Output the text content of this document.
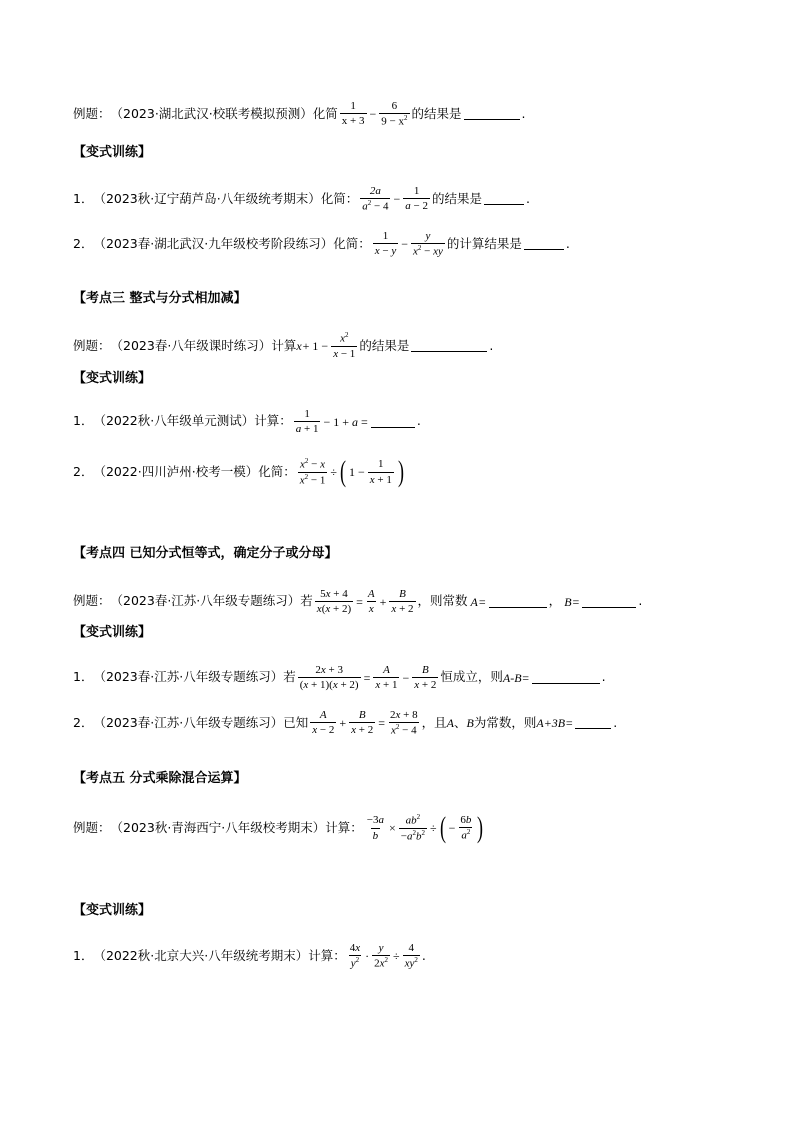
例题： （2023·湖北武汉·校联考模拟预测） 化简 $\frac{1}{x + 3} - \frac{6}{9 - x^2}$ 的结果是	.
【变式训练】
1． （2023秋·辽宁葫芦岛·八年级统考期末） 化简： $\frac{2a}{a^2 - 4} - \frac{1}{a - 2}$ 的结果是	.
2． （2023春·湖北武汉·九年级校考阶段练习） 化简： $\frac{1}{x - y} - \frac{y}{x^2 - xy}$ 的计算结果是	.
【考点三 整式与分式相加减】
例题： （2023春·八年级课时练习） 计算 $x + 1 - \frac{x^2}{x - 1}$ 的结果是	.
【变式训练】
1． （2022秋·八年级单元测试） 计算： $\frac{1}{a + 1} - 1 + a$ =	.
2． （2022·四川泸州·校考一模） 化简： $\frac{x^2 - x}{x^2 - 1}$ ÷ ( $1 - \frac{1}{x + 1}$ )
【考点四 已知分式恒等式，确定分子或分母】
例题： （2023春·江苏·八年级专题练习） 若 $\frac{5x + 4}{x(x + 2)} = \frac{A}{x} + \frac{B}{x + 2}$ ，则常数 A =	， B =	.
【变式训练】
1． （2023春·江苏·八年级专题练习） 若 $\frac{2x + 3}{(x + 1)(x + 2)} = \frac{A}{x + 1} - \frac{B}{x + 2}$ 恒成立，则 A-B=	.
2． （2023春·江苏·八年级专题练习） 已知 $\frac{A}{x - 2} + \frac{B}{x + 2} = \frac{2x + 8}{x^2 - 4}$ ，且 A 、 B 为常数，则 A+3B=	.
【考点五 分式乘除混合运算】
例题： （2023秋·青海西宁·八年级校考期末） 计算： $\frac{-3a}{b} \times \frac{ab^2}{-a^2b^2}$ ÷ ( − $\frac{6b}{a^2}$ )
【变式训练】
1． （2022秋·北京大兴·八年级统考期末） 计算： $\frac{4x}{y^2} \cdot \frac{y}{2x^2} \div \frac{4}{xy^2}$ .
